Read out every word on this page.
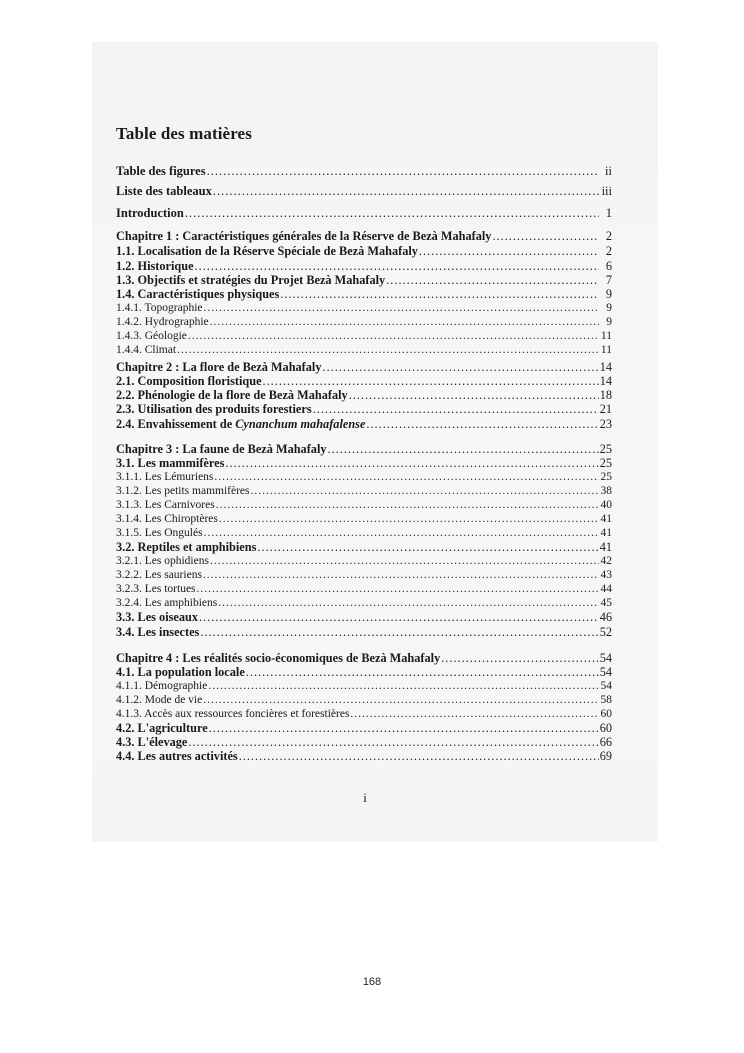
Table des matières
Table des figures .....	ii
Liste des tableaux .....	iii
Introduction .....	1
Chapitre 1 : Caractéristiques générales de la Réserve de Bezà Mahafaly .....	2
1.1. Localisation de la Réserve Spéciale de Bezà Mahafaly .....	2
1.2. Historique .....	6
1.3. Objectifs et stratégies du Projet Bezà Mahafaly .....	7
1.4. Caractéristiques physiques .....	9
1.4.1. Topographie .....	9
1.4.2. Hydrographie .....	9
1.4.3. Géologie .....	11
1.4.4. Climat .....	11
Chapitre 2 : La flore de Bezà Mahafaly .....	14
2.1. Composition floristique .....	14
2.2. Phénologie de la flore de Bezà Mahafaly .....	18
2.3. Utilisation des produits forestiers .....	21
2.4. Envahissement de Cynanchum mahafalense .....	23
Chapitre 3 : La faune de Bezà Mahafaly .....	25
3.1. Les mammifères .....	25
3.1.1. Les Lémuriens .....	25
3.1.2. Les petits mammifères .....	38
3.1.3. Les Carnivores .....	40
3.1.4. Les Chiroptères .....	41
3.1.5. Les Ongulés .....	41
3.2. Reptiles et amphibiens .....	41
3.2.1. Les ophidiens .....	42
3.2.2. Les sauriens .....	43
3.2.3. Les tortues .....	44
3.2.4. Les amphibiens .....	45
3.3. Les oiseaux .....	46
3.4. Les insectes .....	52
Chapitre 4 : Les réalités socio-économiques de Bezà Mahafaly .....	54
4.1. La population locale .....	54
4.1.1. Démographie .....	54
4.1.2. Mode de vie .....	58
4.1.3. Accès aux ressources foncières et forestières .....	60
4.2. L'agriculture .....	60
4.3. L'élevage .....	66
4.4. Les autres activités .....	69
i
168
